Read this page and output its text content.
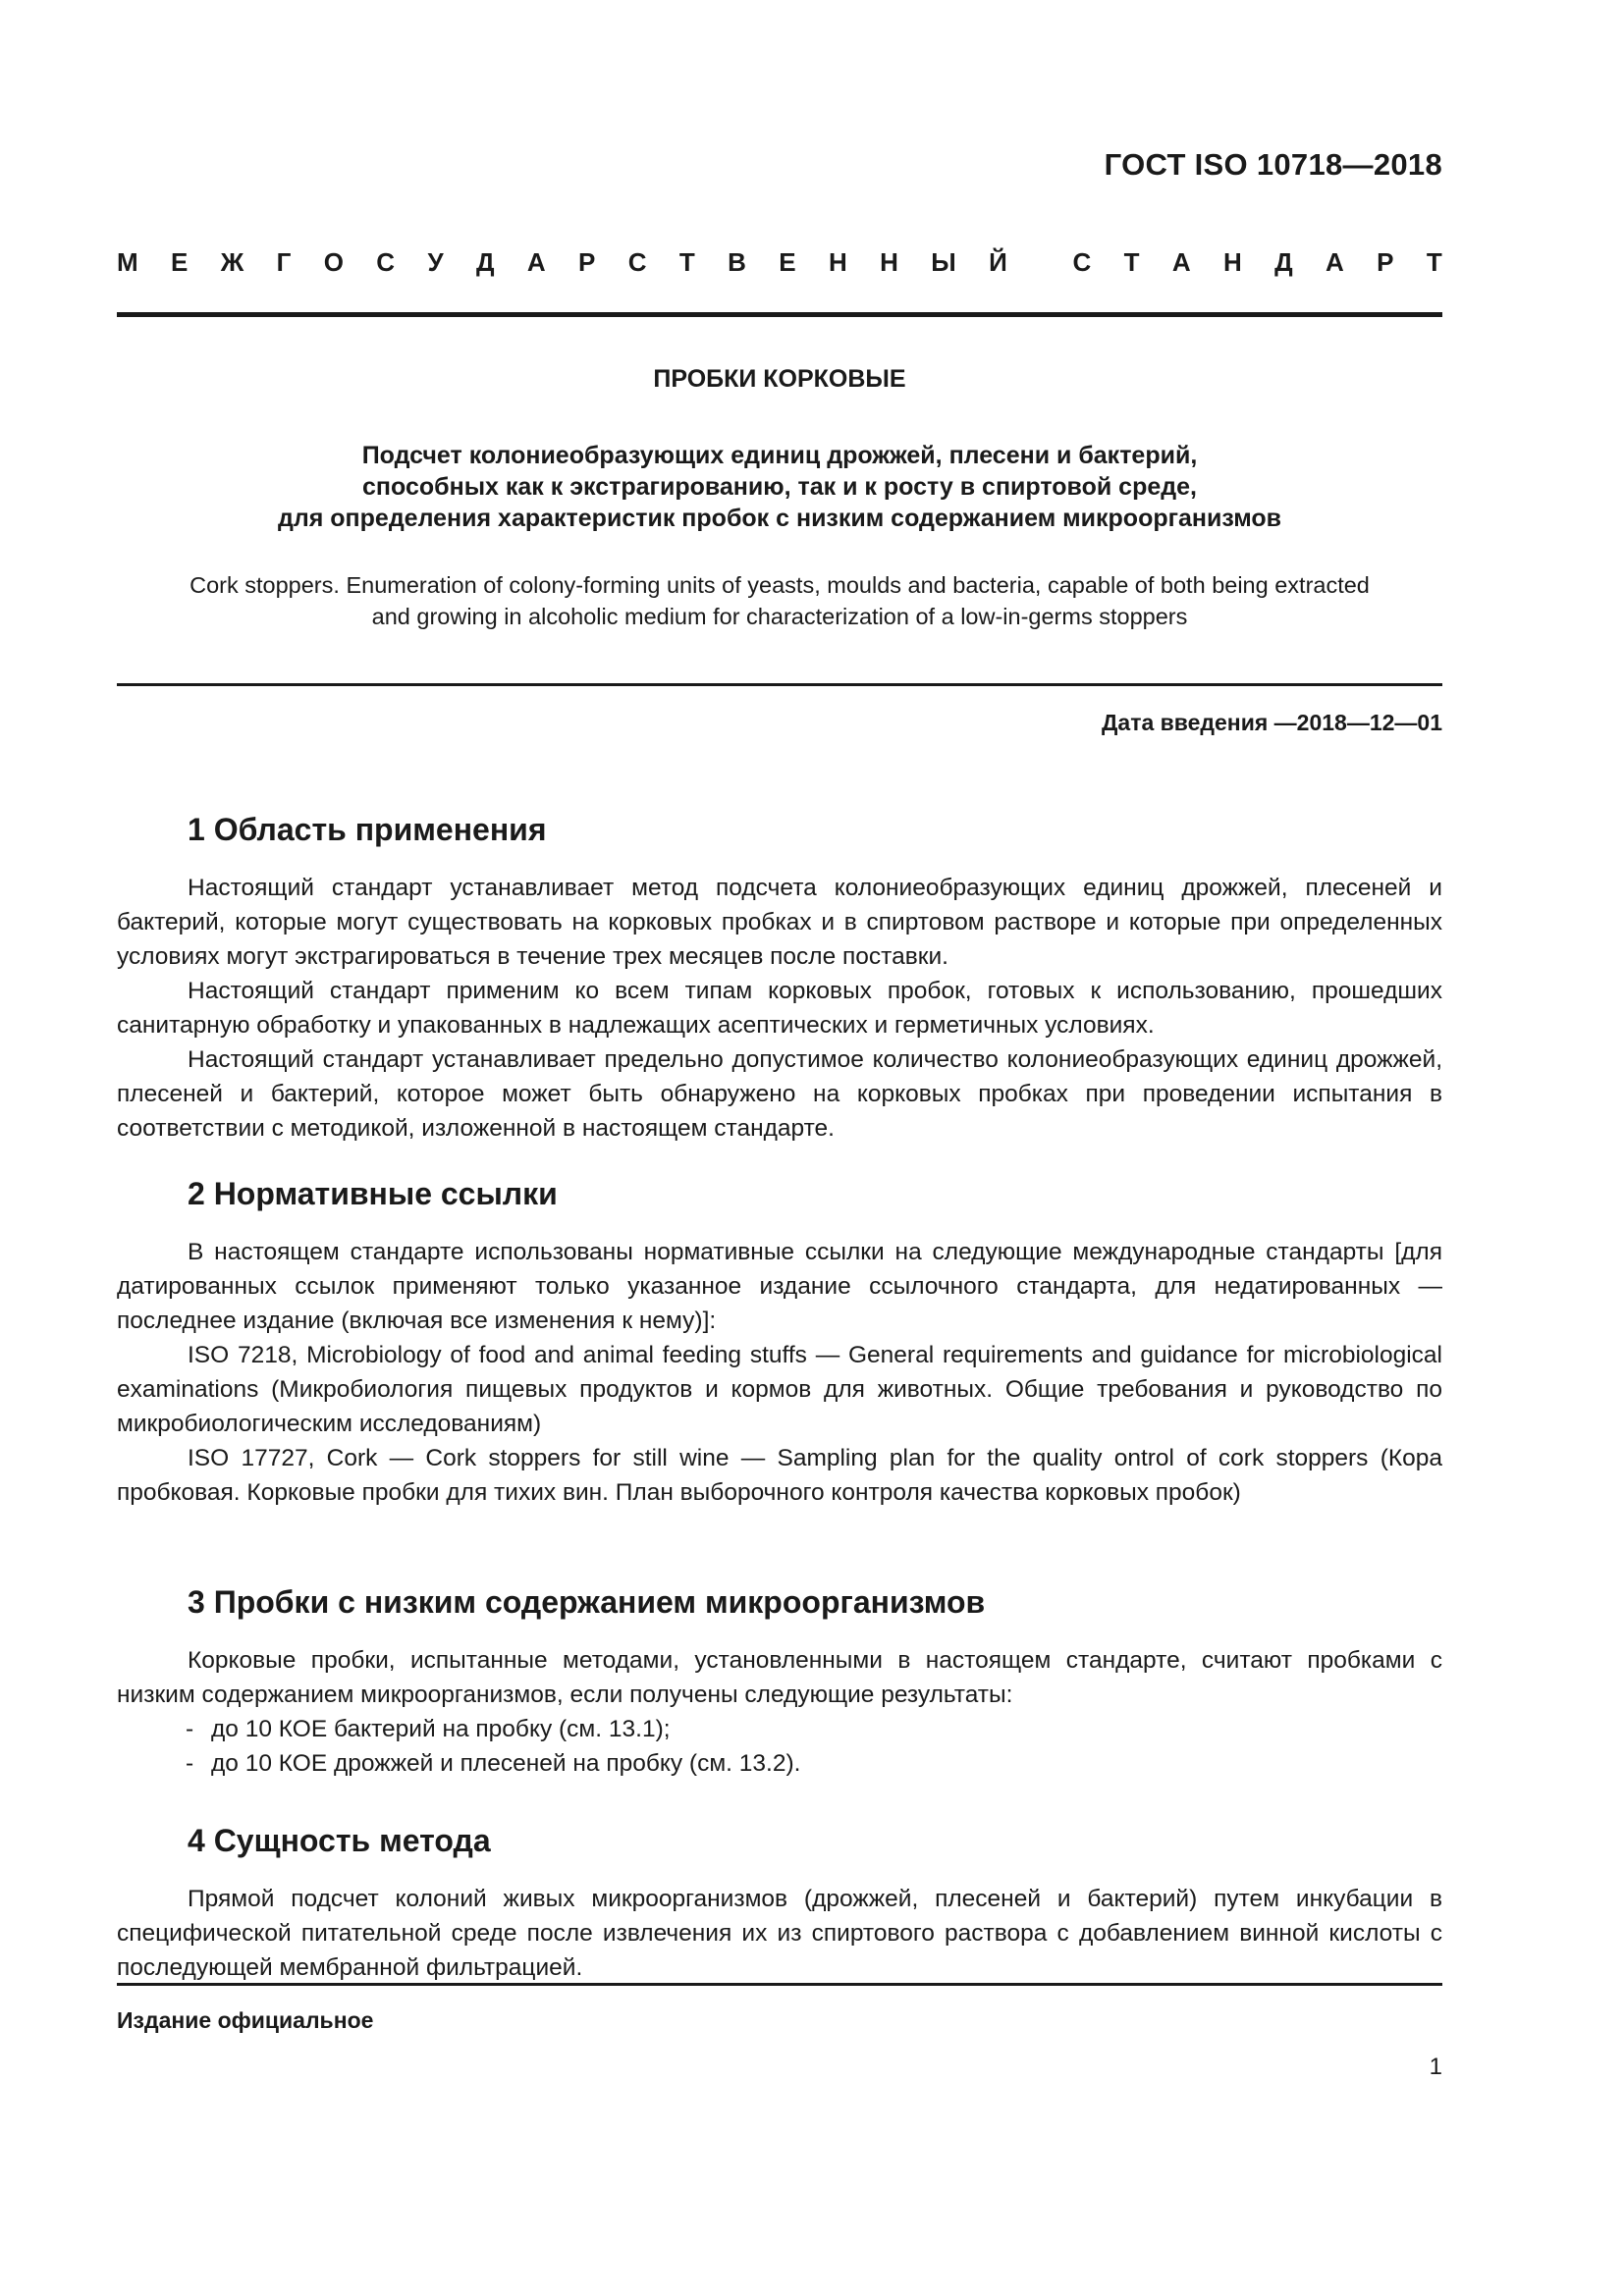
ГОСТ ISO 10718—2018
М Е Ж Г О С У Д А Р С Т В Е Н Н Ы Й	С Т А Н Д А Р Т
ПРОБКИ КОРКОВЫЕ
Подсчет колониеобразующих единиц дрожжей, плесени и бактерий,
способных как к экстрагированию, так и к росту в спиртовой среде,
для определения характеристик пробок с низким содержанием микроорганизмов
Cork stoppers. Enumeration of colony-forming units of yeasts, moulds and bacteria, capable of both being extracted
and growing in alcoholic medium for characterization of a low-in-germs stoppers
Дата введения —2018—12—01
1 Область применения

Настоящий стандарт устанавливает метод подсчета колониеобразующих единиц дрожжей, плесеней и бактерий, которые могут существовать на корковых пробках и в спиртовом растворе и которые при определенных условиях могут экстрагироваться в течение трех месяцев после поставки.

Настоящий стандарт применим ко всем типам корковых пробок, готовых к использованию, прошедших санитарную обработку и упакованных в надлежащих асептических и герметичных условиях.

Настоящий стандарт устанавливает предельно допустимое количество колониеобразующих единиц дрожжей, плесеней и бактерий, которое может быть обнаружено на корковых пробках при проведении испытания в соответствии с методикой, изложенной в настоящем стандарте.

2 Нормативные ссылки

В настоящем стандарте использованы нормативные ссылки на следующие международные стандарты [для датированных ссылок применяют только указанное издание ссылочного стандарта, для недатированных — последнее издание (включая все изменения к нему)]:

ISO 7218, Microbiology of food and animal feeding stuffs — General requirements and guidance for microbiological examinations (Микробиология пищевых продуктов и кормов для животных. Общие требования и руководство по микробиологическим исследованиям)

ISO 17727, Cork — Cork stoppers for still wine — Sampling plan for the quality ontrol of cork stoppers (Кора пробковая. Корковые пробки для тихих вин. План выборочного контроля качества корковых пробок)

3 Пробки с низким содержанием микроорганизмов

Корковые пробки, испытанные методами, установленными в настоящем стандарте, считают пробками с низким содержанием микроорганизмов, если получены следующие результаты:

- до 10 КОЕ бактерий на пробку (см. 13.1);

- до 10 КОЕ дрожжей и плесеней на пробку (см. 13.2).

4 Сущность метода

Прямой подсчет колоний живых микроорганизмов (дрожжей, плесеней и бактерий) путем инкубации в специфической питательной среде после извлечения их из спиртового раствора с добавлением винной кислоты с последующей мембранной фильтрацией.

Издание официальное
1
